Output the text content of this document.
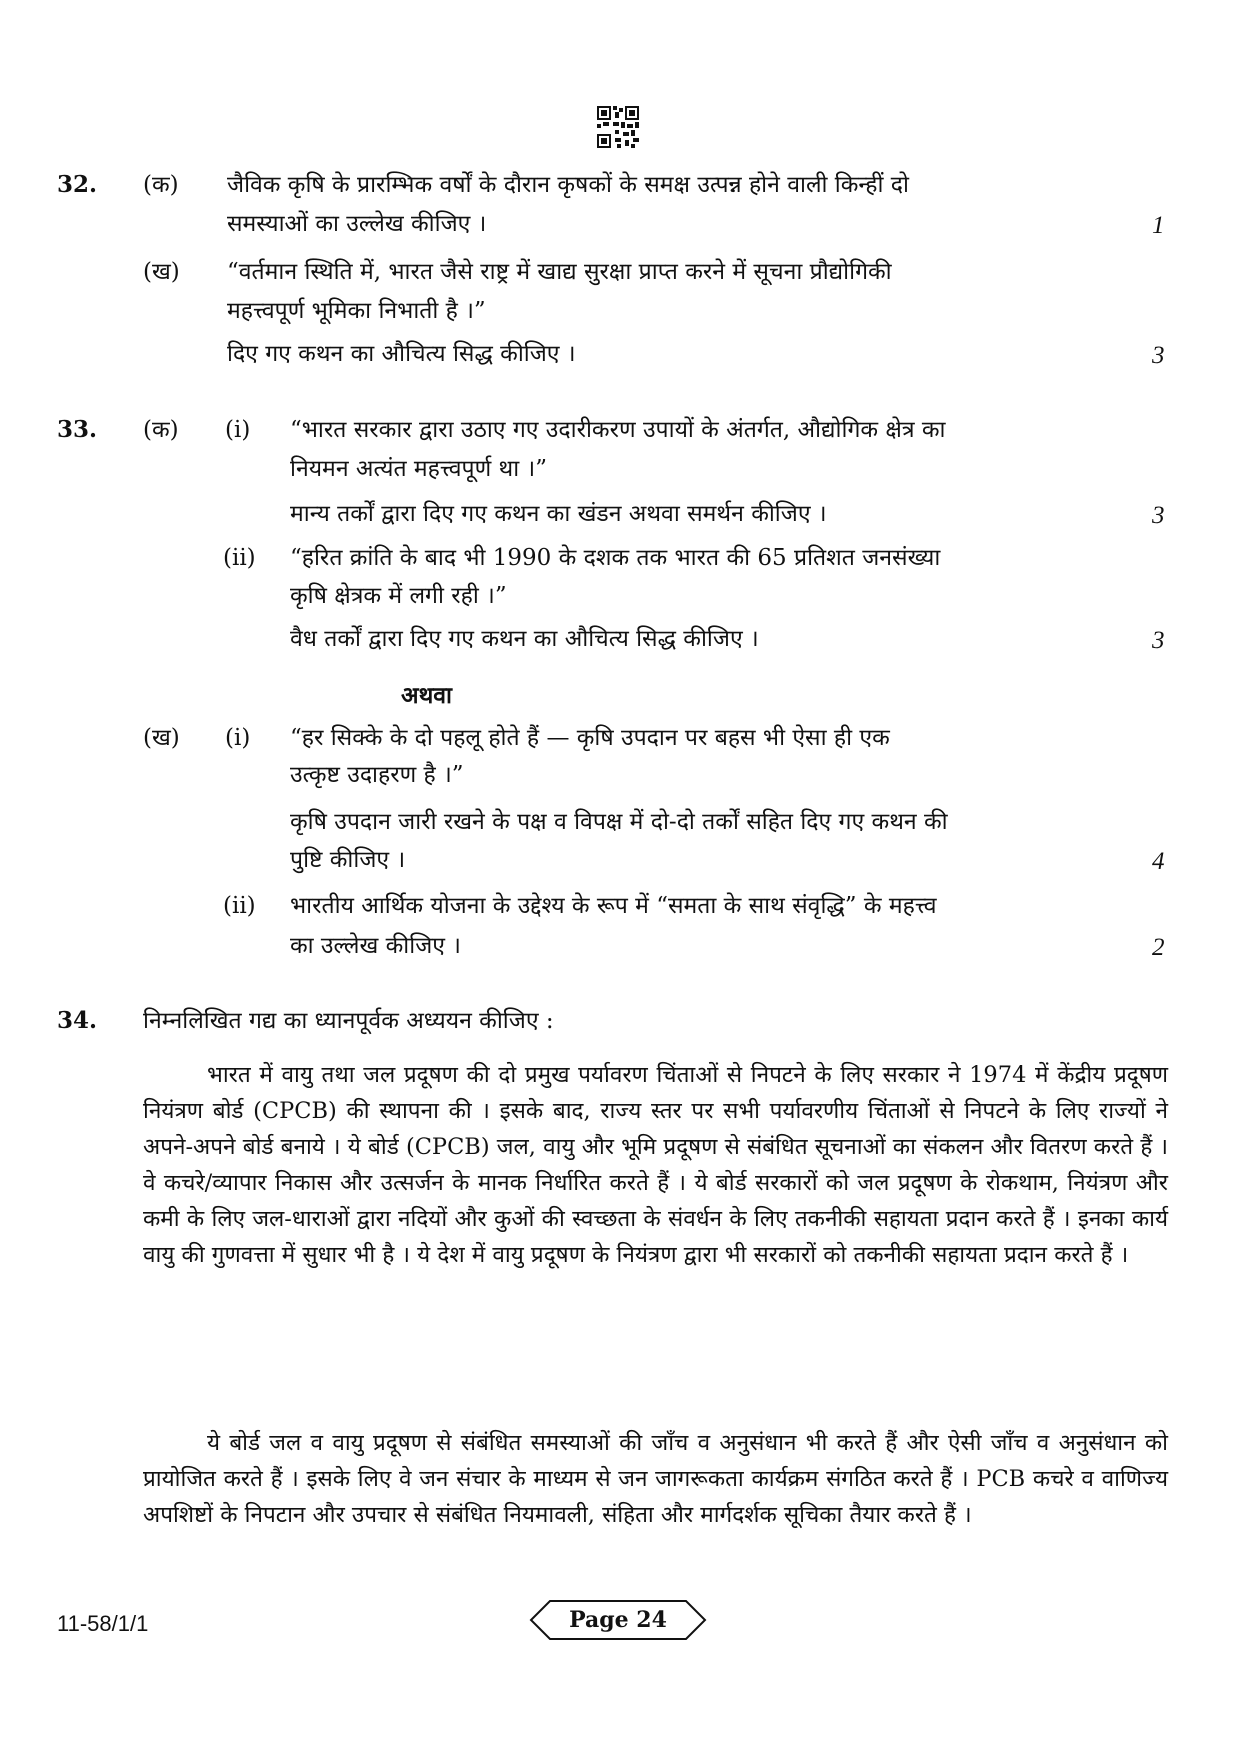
32. (क) जैविक कृषि के प्रारम्भिक वर्षों के दौरान कृषकों के समक्ष उत्पन्न होने वाली किन्हीं दो
समस्याओं का उल्लेख कीजिए ।	1
(ख) “वर्तमान स्थिति में, भारत जैसे राष्ट्र में खाद्य सुरक्षा प्राप्त करने में सूचना प्रौद्योगिकी
महत्त्वपूर्ण भूमिका निभाती है ।”
दिए गए कथन का औचित्य सिद्ध कीजिए ।	3
33. (क) (i) “भारत सरकार द्वारा उठाए गए उदारीकरण उपायों के अंतर्गत, औद्योगिक क्षेत्र का
नियमन अत्यंत महत्त्वपूर्ण था ।”
मान्य तर्कों द्वारा दिए गए कथन का खंडन अथवा समर्थन कीजिए ।	3
(ii) “हरित क्रांति के बाद भी 1990 के दशक तक भारत की 65 प्रतिशत जनसंख्या
कृषि क्षेत्रक में लगी रही ।”
वैध तर्कों द्वारा दिए गए कथन का औचित्य सिद्ध कीजिए ।	3
अथवा
(ख) (i) “हर सिक्के के दो पहलू होते हैं — कृषि उपदान पर बहस भी ऐसा ही एक
उत्कृष्ट उदाहरण है ।”
कृषि उपदान जारी रखने के पक्ष व विपक्ष में दो-दो तर्कों सहित दिए गए कथन की
पुष्टि कीजिए ।	4
(ii) भारतीय आर्थिक योजना के उद्देश्य के रूप में “समता के साथ संवृद्धि” के महत्त्व
का उल्लेख कीजिए ।	2
34. निम्नलिखित गद्य का ध्यानपूर्वक अध्ययन कीजिए :
भारत में वायु तथा जल प्रदूषण की दो प्रमुख पर्यावरण चिंताओं से निपटने के लिए सरकार ने 1974 में केंद्रीय प्रदूषण नियंत्रण बोर्ड (CPCB) की स्थापना की । इसके बाद, राज्य स्तर पर सभी पर्यावरणीय चिंताओं से निपटने के लिए राज्यों ने अपने-अपने बोर्ड बनाये । ये बोर्ड (CPCB) जल, वायु और भूमि प्रदूषण से संबंधित सूचनाओं का संकलन और वितरण करते हैं । वे कचरे/व्यापार निकास और उत्सर्जन के मानक निर्धारित करते हैं । ये बोर्ड सरकारों को जल प्रदूषण के रोकथाम, नियंत्रण और कमी के लिए जल-धाराओं द्वारा नदियों और कुओं की स्वच्छता के संवर्धन के लिए तकनीकी सहायता प्रदान करते हैं । इनका कार्य वायु की गुणवत्ता में सुधार भी है । ये देश में वायु प्रदूषण के नियंत्रण द्वारा भी सरकारों को तकनीकी सहायता प्रदान करते हैं ।
ये बोर्ड जल व वायु प्रदूषण से संबंधित समस्याओं की जाँच व अनुसंधान भी करते हैं और ऐसी जाँच व अनुसंधान को प्रायोजित करते हैं । इसके लिए वे जन संचार के माध्यम से जन जागरूकता कार्यक्रम संगठित करते हैं । PCB कचरे व वाणिज्य अपशिष्टों के निपटान और उपचार से संबंधित नियमावली, संहिता और मार्गदर्शक सूचिका तैयार करते हैं ।
11-58/1/1	Page 24
